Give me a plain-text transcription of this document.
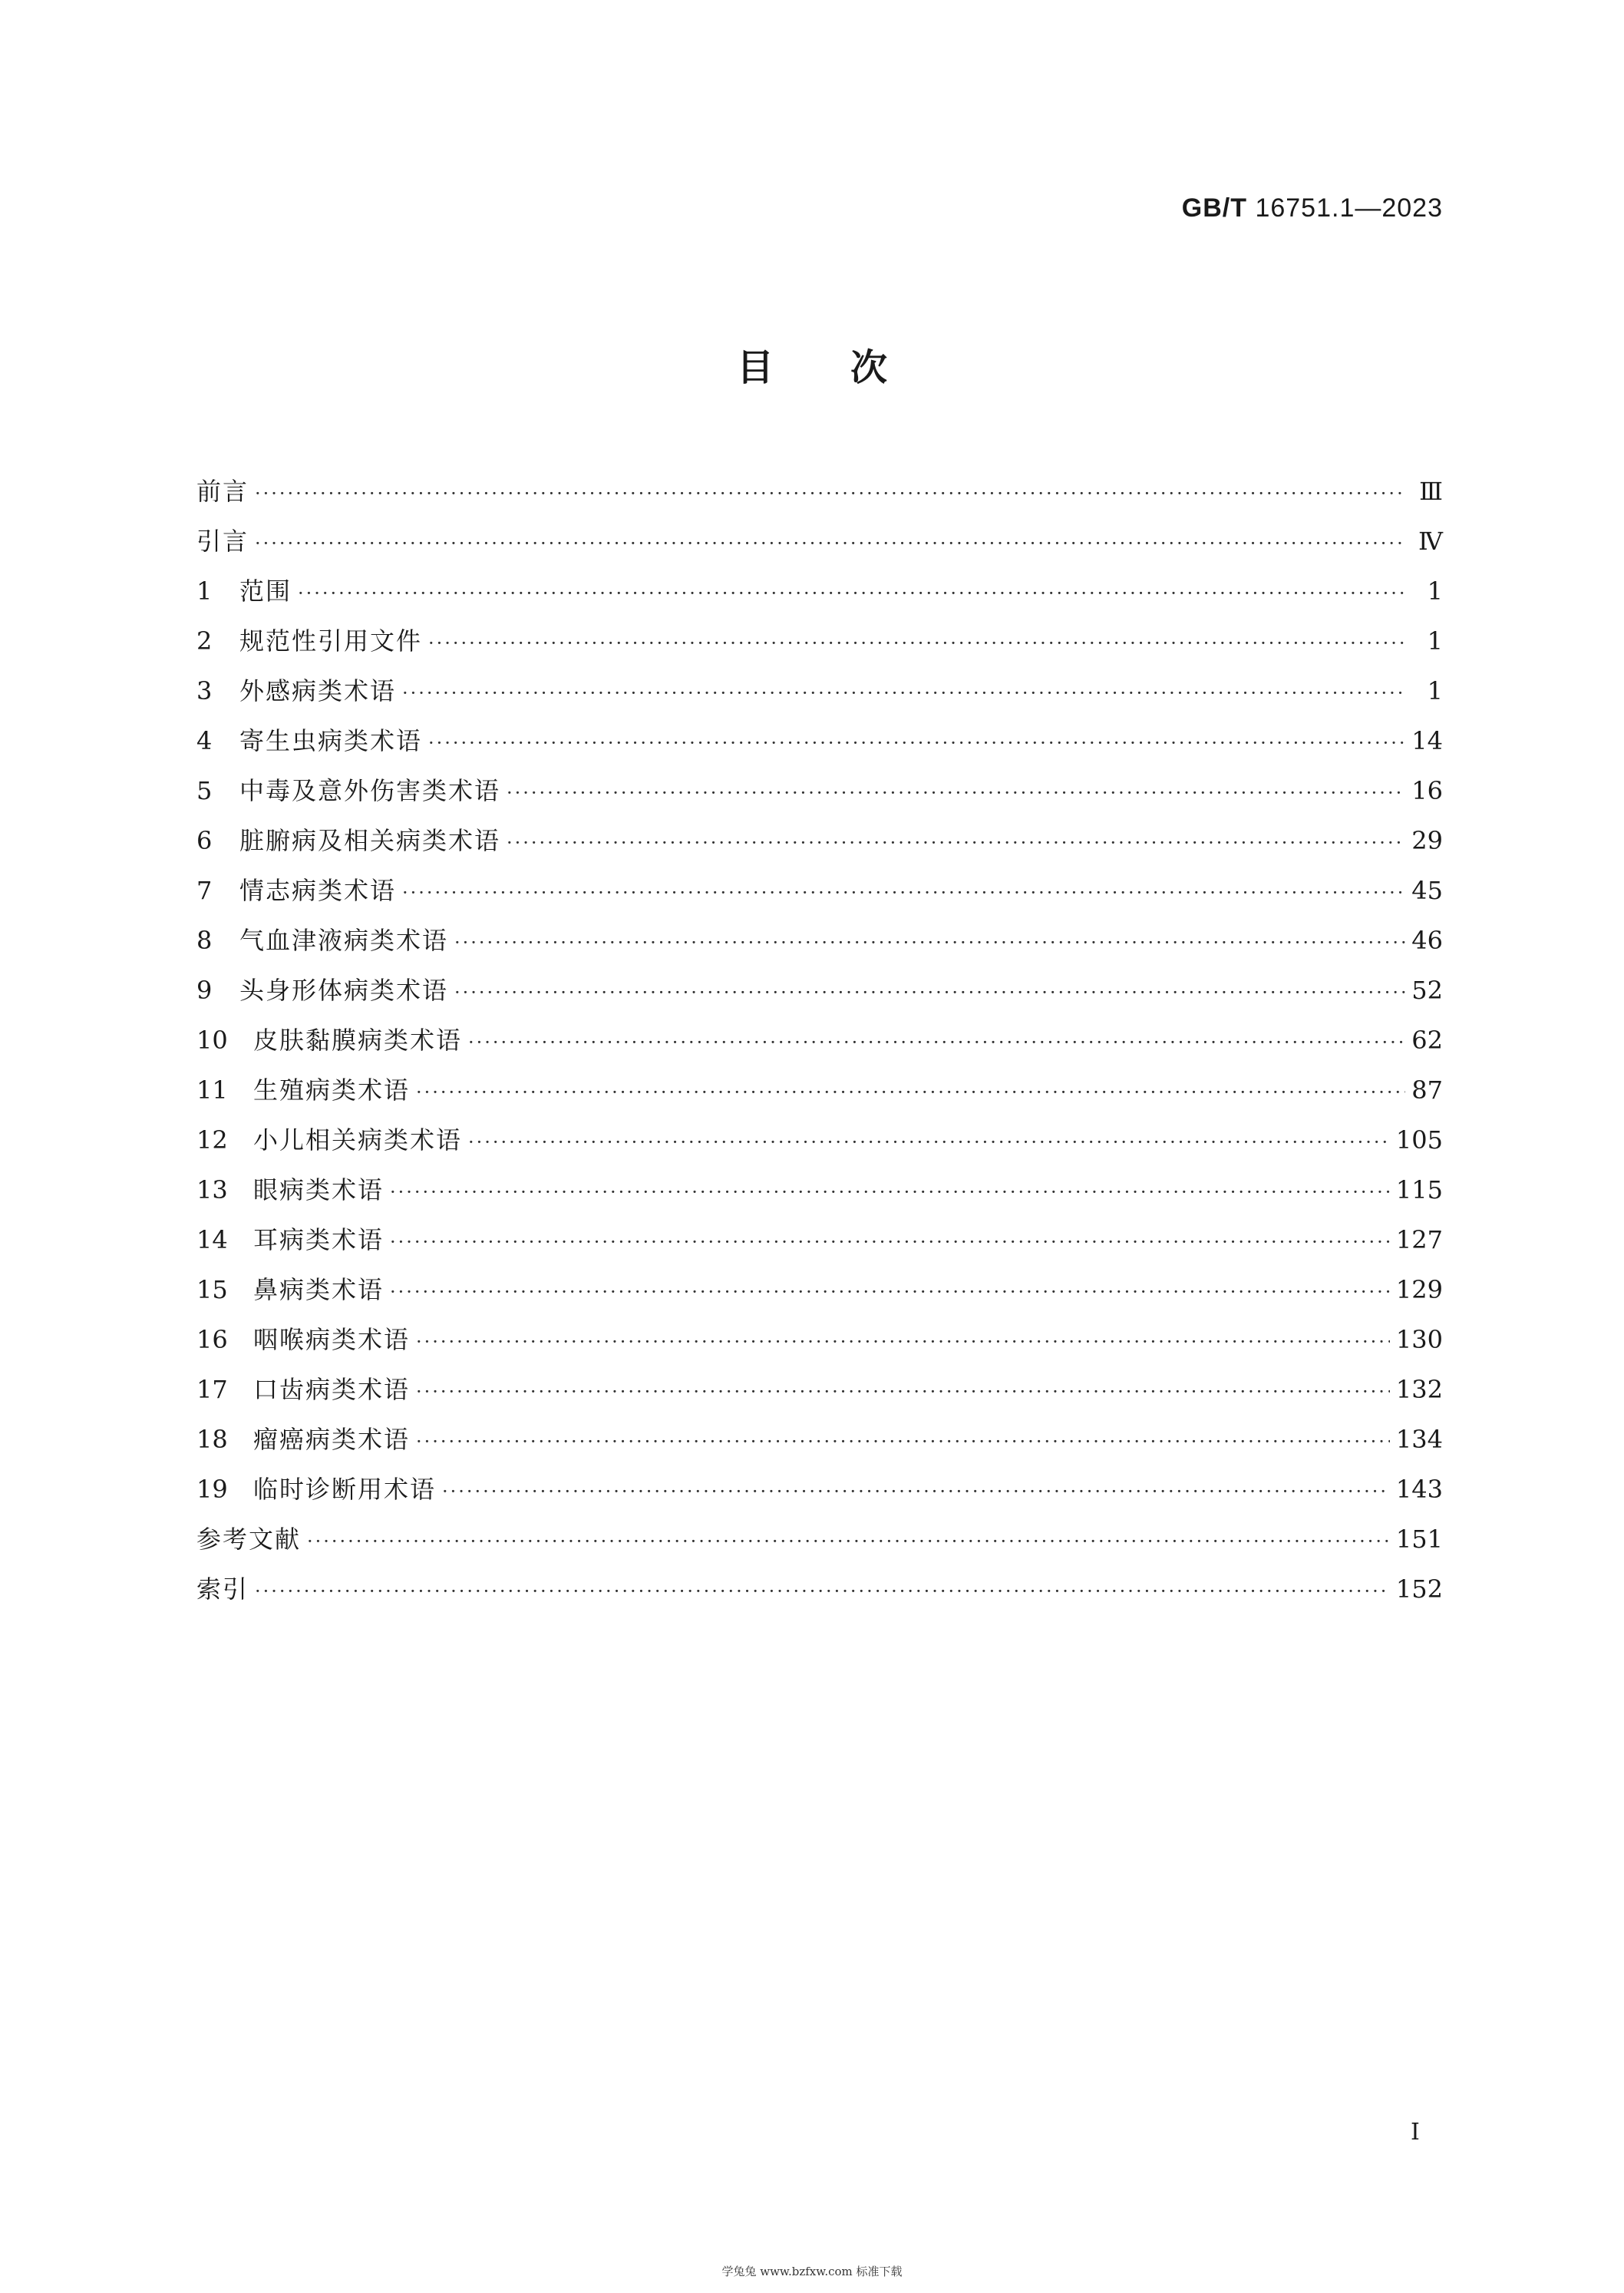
GB/T 16751.1—2023
目次
前言 ·····	Ⅲ
引言 ·····	Ⅳ
1	范围 ·····	1
2	规范性引用文件 ·····	1
3	外感病类术语 ·····	1
4	寄生虫病类术语 ·····	14
5	中毒及意外伤害类术语 ·····	16
6	脏腑病及相关病类术语 ·····	29
7	情志病类术语 ·····	45
8	气血津液病类术语 ·····	46
9	头身形体病类术语 ·····	52
10	皮肤黏膜病类术语 ·····	62
11	生殖病类术语 ·····	87
12	小儿相关病类术语 ·····	105
13	眼病类术语 ·····	115
14	耳病类术语 ·····	127
15	鼻病类术语 ·····	129
16	咽喉病类术语 ·····	130
17	口齿病类术语 ·····	132
18	瘤癌病类术语 ·····	134
19	临时诊断用术语 ·····	143
参考文献 ·····	151
索引 ·····	152
I
学兔兔 www.bzfxw.com 标准下载
